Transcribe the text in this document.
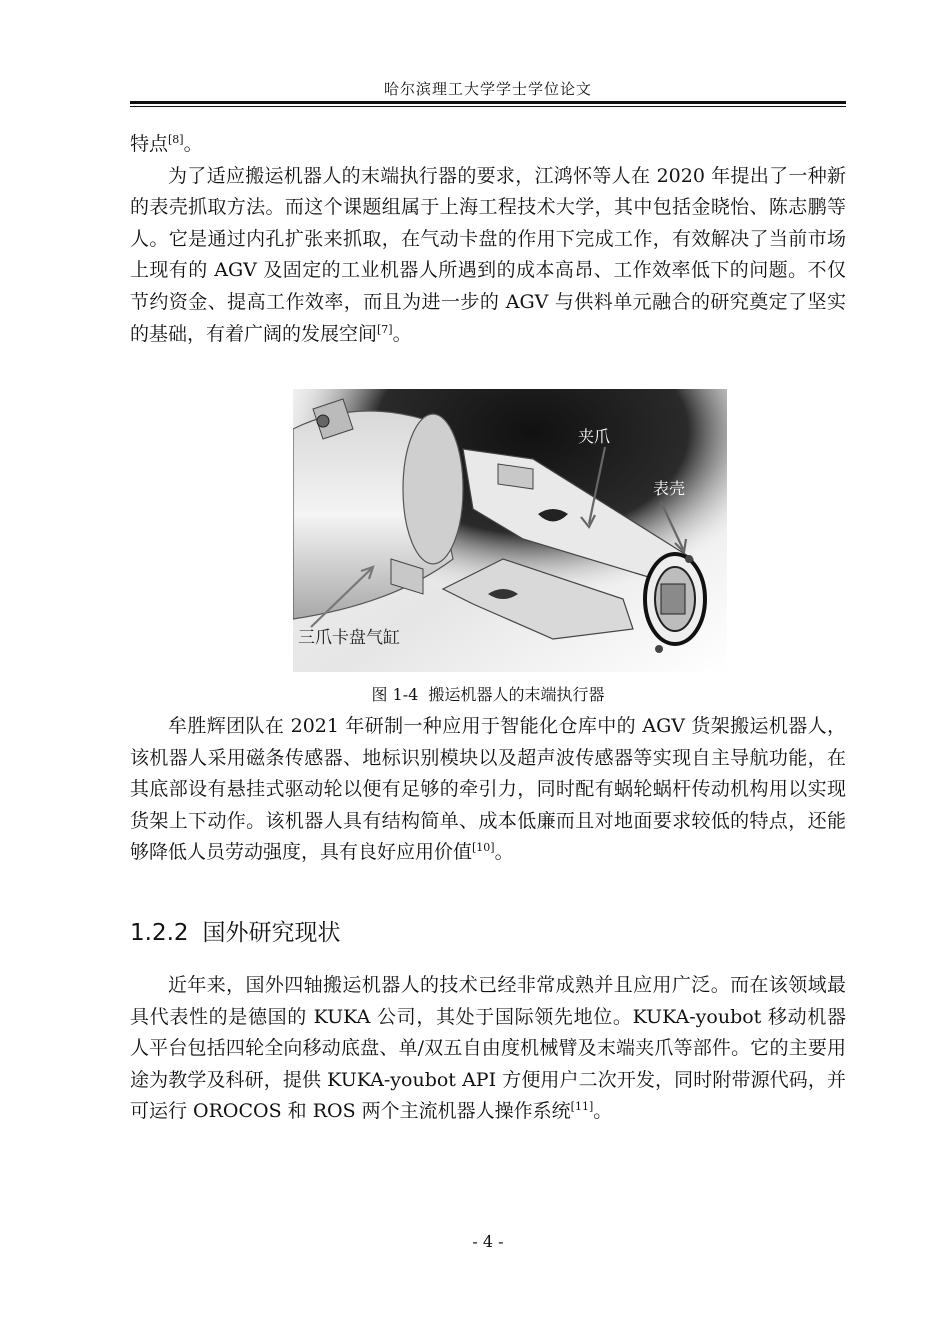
哈尔滨理工大学学士学位论文

特点[8]。

为了适应搬运机器人的末端执行器的要求，江鸿怀等人在 2020 年提出了一种新的表壳抓取方法。而这个课题组属于上海工程技术大学，其中包括金晓怡、陈志鹏等人。它是通过内孔扩张来抓取，在气动卡盘的作用下完成工作，有效解决了当前市场上现有的 AGV 及固定的工业机器人所遇到的成本高昂、工作效率低下的问题。不仅节约资金、提高工作效率，而且为进一步的 AGV 与供料单元融合的研究奠定了坚实的基础，有着广阔的发展空间[7]。

夹爪
表壳
三爪卡盘气缸
图 1-4 搬运机器人的末端执行器

牟胜辉团队在 2021 年研制一种应用于智能化仓库中的 AGV 货架搬运机器人，该机器人采用磁条传感器、地标识别模块以及超声波传感器等实现自主导航功能，在其底部设有悬挂式驱动轮以便有足够的牵引力，同时配有蜗轮蜗杆传动机构用以实现货架上下动作。该机器人具有结构简单、成本低廉而且对地面要求较低的特点，还能够降低人员劳动强度，具有良好应用价值[10]。

1.2.2 国外研究现状

近年来，国外四轴搬运机器人的技术已经非常成熟并且应用广泛。而在该领域最具代表性的是德国的 KUKA 公司，其处于国际领先地位。KUKA-youbot 移动机器人平台包括四轮全向移动底盘、单/双五自由度机械臂及末端夹爪等部件。它的主要用途为教学及科研，提供 KUKA-youbot API 方便用户二次开发，同时附带源代码，并可运行 OROCOS 和 ROS 两个主流机器人操作系统[11]。

- 4 -
